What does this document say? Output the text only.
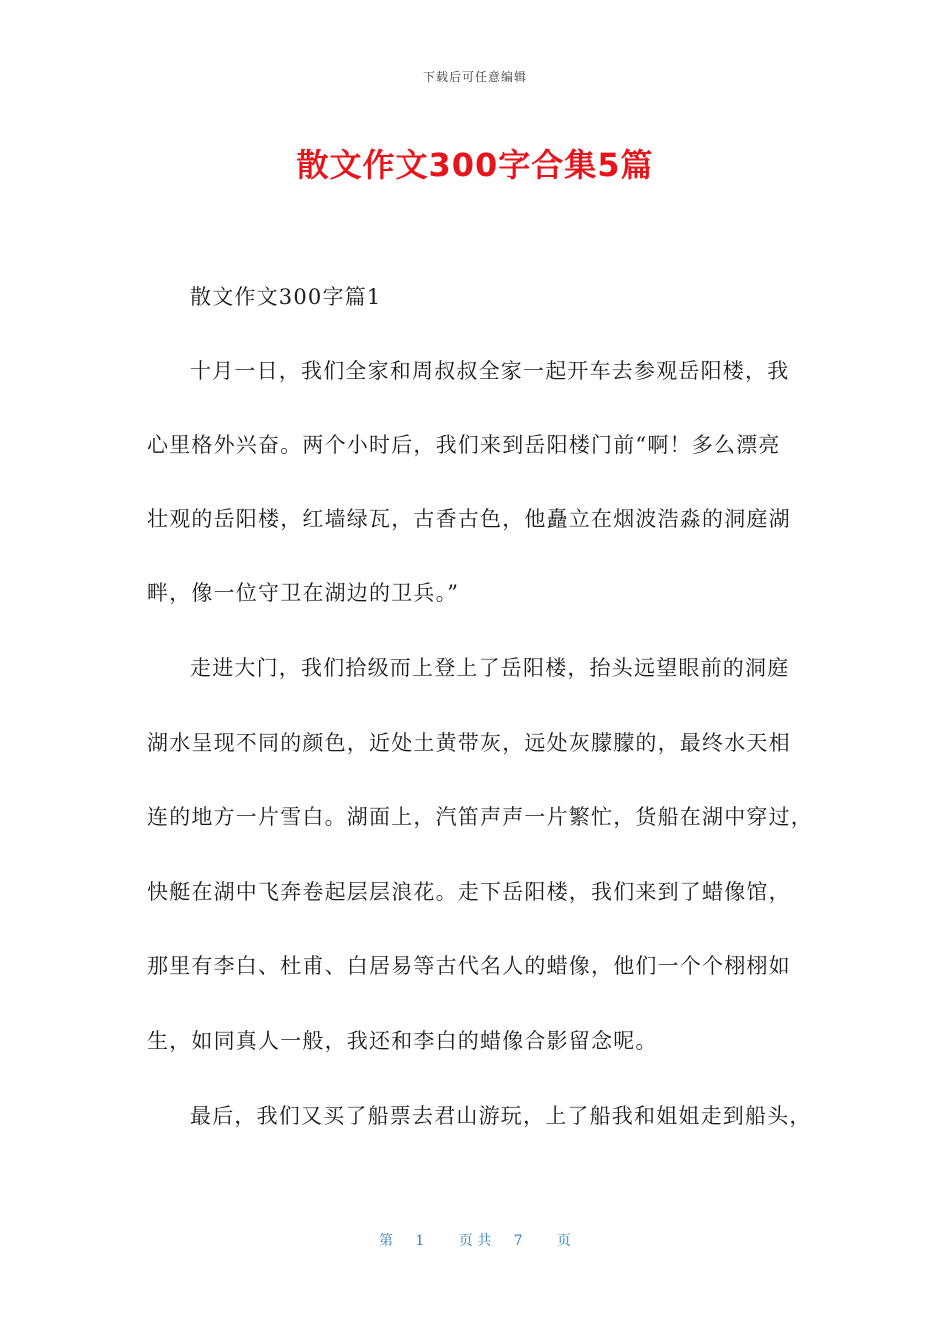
下载后可任意编辑
散文作文300字合集5篇
散文作文300字篇1
十月一日，我们全家和周叔叔全家一起开车去参观岳阳楼，我
心里格外兴奋。两个小时后，我们来到岳阳楼门前“啊！多么漂亮
壮观的岳阳楼，红墙绿瓦，古香古色，他矗立在烟波浩淼的洞庭湖
畔，像一位守卫在湖边的卫兵。”
走进大门，我们拾级而上登上了岳阳楼，抬头远望眼前的洞庭
湖水呈现不同的颜色，近处土黄带灰，远处灰朦朦的，最终水天相
连的地方一片雪白。湖面上，汽笛声声一片繁忙，货船在湖中穿过，
快艇在湖中飞奔卷起层层浪花。走下岳阳楼，我们来到了蜡像馆，
那里有李白、杜甫、白居易等古代名人的蜡像，他们一个个栩栩如
生，如同真人一般，我还和李白的蜡像合影留念呢。
最后，我们又买了船票去君山游玩，上了船我和姐姐走到船头，
第 1 页 共 7 页
